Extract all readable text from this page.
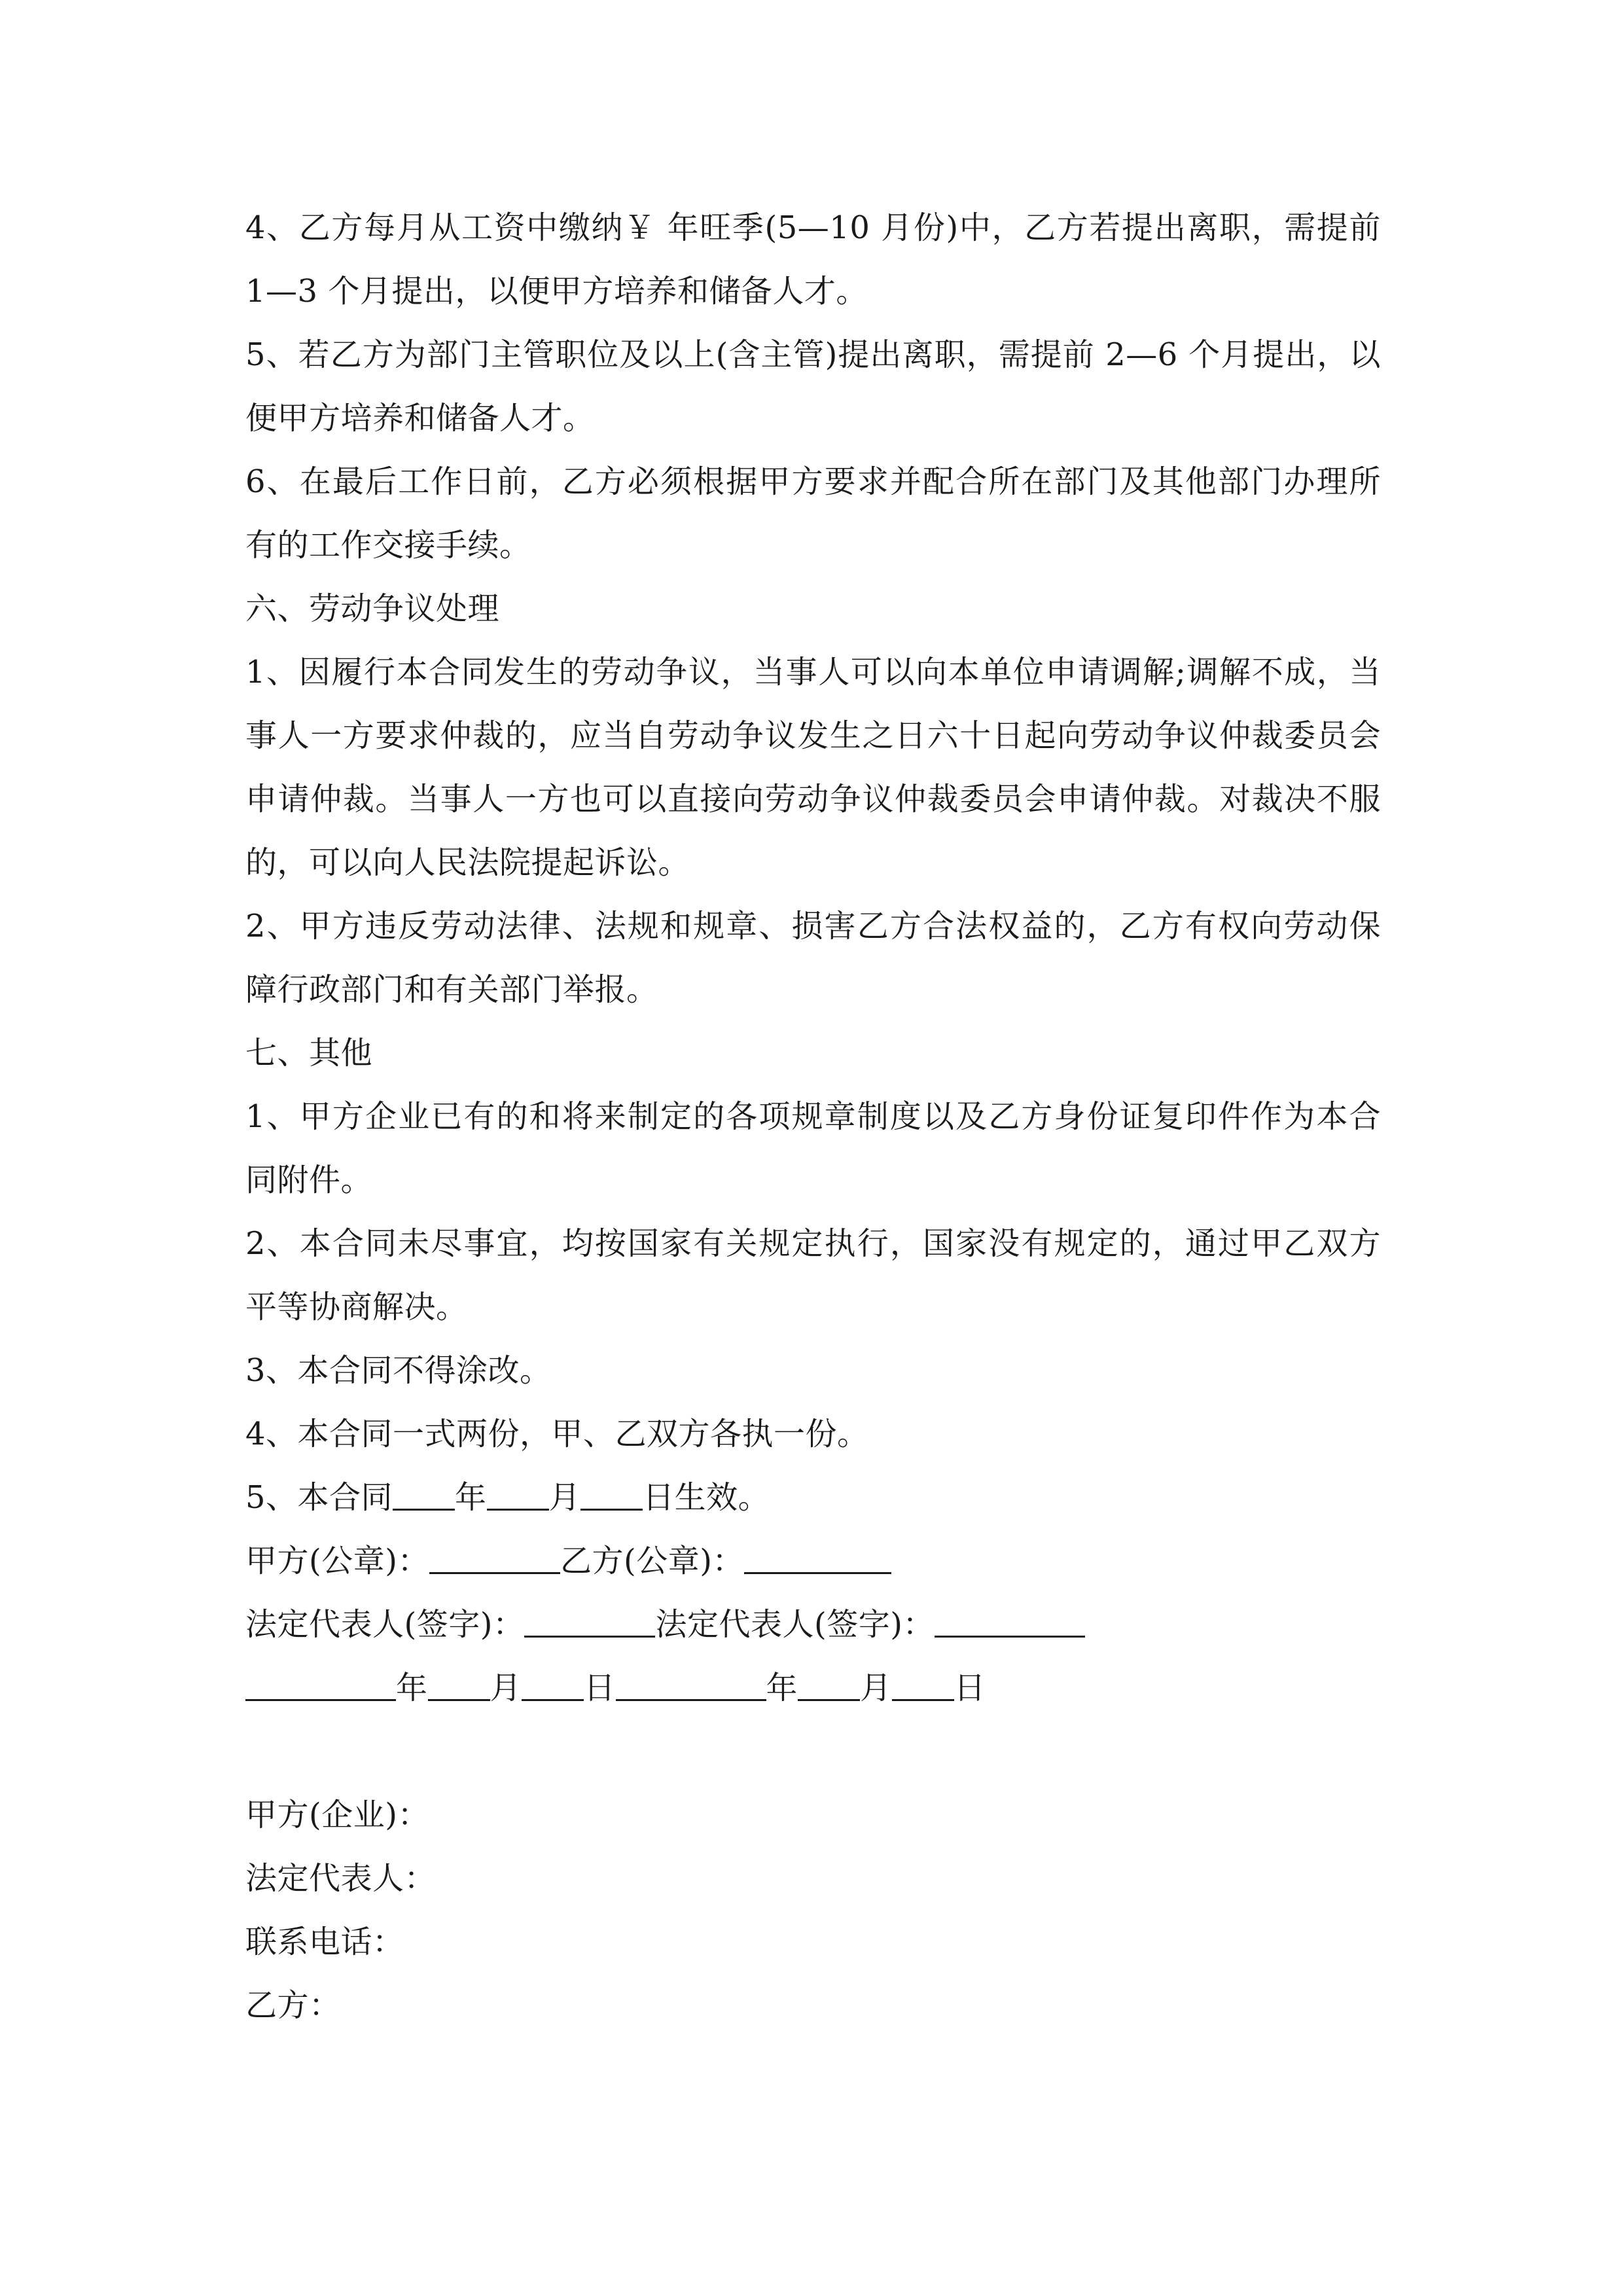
4、乙方每月从工资中缴纳￥ 年旺季(5—10 月份)中，乙方若提出离职，需提前
1—3 个月提出，以便甲方培养和储备人才。
5、若乙方为部门主管职位及以上(含主管)提出离职，需提前 2—6 个月提出，以
便甲方培养和储备人才。
6、在最后工作日前，乙方必须根据甲方要求并配合所在部门及其他部门办理所
有的工作交接手续。
六、劳动争议处理
1、因履行本合同发生的劳动争议，当事人可以向本单位申请调解;调解不成，当
事人一方要求仲裁的，应当自劳动争议发生之日六十日起向劳动争议仲裁委员会
申请仲裁。当事人一方也可以直接向劳动争议仲裁委员会申请仲裁。对裁决不服
的，可以向人民法院提起诉讼。
2、甲方违反劳动法律、法规和规章、损害乙方合法权益的，乙方有权向劳动保
障行政部门和有关部门举报。
七、其他
1、甲方企业已有的和将来制定的各项规章制度以及乙方身份证复印件作为本合
同附件。
2、本合同未尽事宜，均按国家有关规定执行，国家没有规定的，通过甲乙双方
平等协商解决。
3、本合同不得涂改。
4、本合同一式两份，甲、乙双方各执一份。
5、本合同 年 月 日生效。
甲方(公章)：	乙方(公章)：
法定代表人(签字)：	法定代表人(签字)：
年 月 日	年 月 日
甲方(企业)：
法定代表人：
联系电话：
乙方：
